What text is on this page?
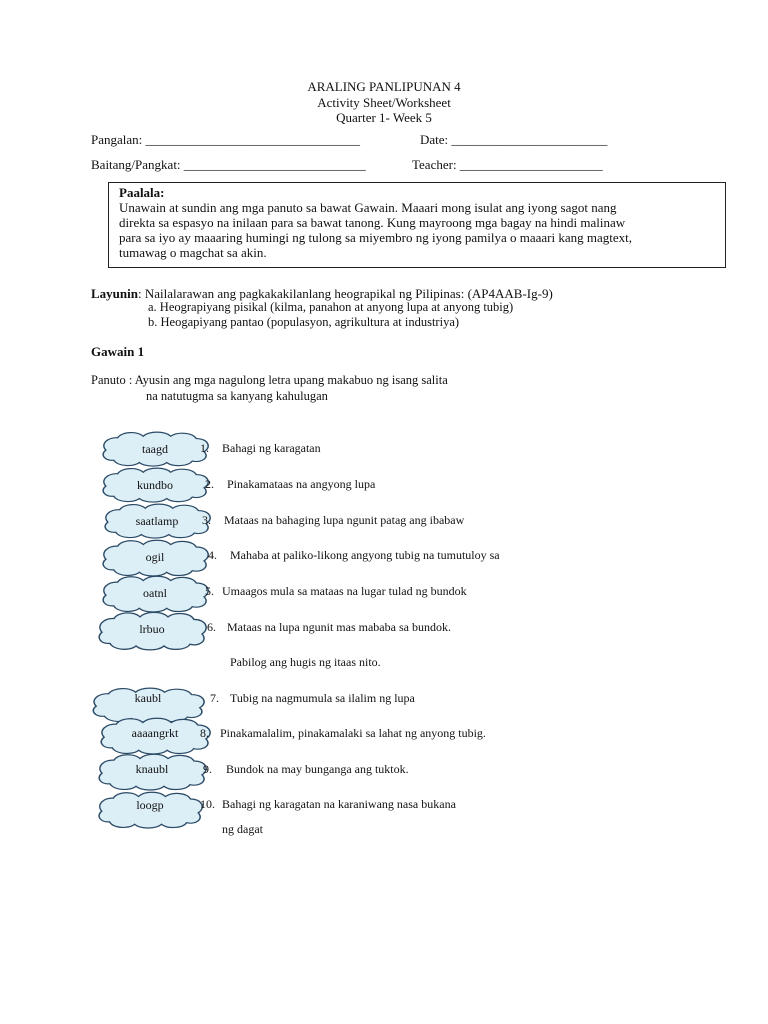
ARALING PANLIPUNAN 4
Activity Sheet/Worksheet
Quarter 1- Week 5
Pangalan: _________________________________	Date: ________________________
Baitang/Pangkat: ____________________________	Teacher: ______________________
Paalala:
Unawain at sundin ang mga panuto sa bawat Gawain. Maaari mong isulat ang iyong sagot nang
direkta sa espasyo na inilaan para sa bawat tanong. Kung mayroong mga bagay na hindi malinaw
para sa iyo ay maaaring humingi ng tulong sa miyembro ng iyong pamilya o maaari kang magtext,
tumawag o magchat sa akin.
Layunin: Nailalarawan ang pagkakakilanlang heograpikal ng Pilipinas: (AP4AAB-Ig-9)
a. Heograpiyang pisikal (kilma, panahon at anyong lupa at anyong tubig)
b. Heogapiyang pantao (populasyon, agrikultura at industriya)
Gawain 1
Panuto : Ayusin ang mga nagulong letra upang makabuo ng isang salita
na natutugma sa kanyang kahulugan
taagd	1. Bahagi ng karagatan
kundbo	2. Pinakamataas na angyong lupa
saatlamp	3. Mataas na bahaging lupa ngunit patag ang ibabaw
ogil	4. Mahaba at paliko-likong angyong tubig na tumutuloy sa
oatnl	5. Umaagos mula sa mataas na lugar tulad ng bundok
lrbuo	6. Mataas na lupa ngunit mas mababa sa bundok.
kaubl	7. Tubig na nagmumula sa ilalim ng lupa
aaaangrkt	8. Pinakamalalim, pinakamalaki sa lahat ng anyong tubig.
knaubl	9. Bundok na may bunganga ang tuktok.
loogp	10. Bahagi ng karagatan na karaniwang nasa bukana
Pabilog ang hugis ng itaas nito.
ng dagat
